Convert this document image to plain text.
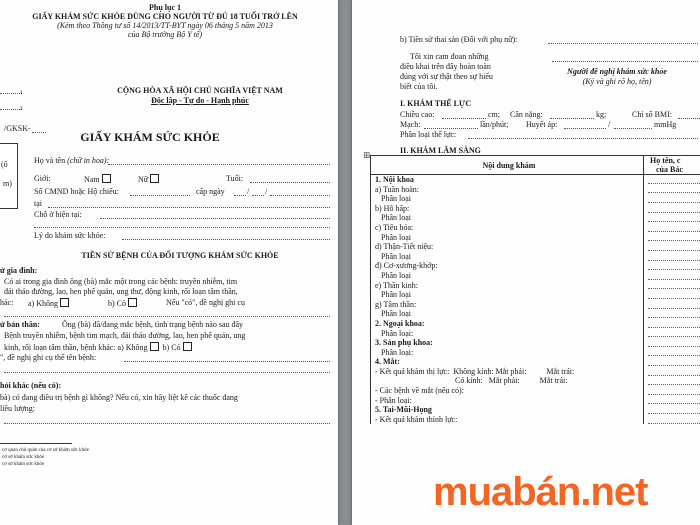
Phụ lục 1
GIẤY KHÁM SỨC KHỎE DÙNG CHO NGƯỜI TỪ ĐỦ 18 TUỔI TRỞ LÊN
(Kèm theo Thông tư số 14/2013/TT-BYT ngày 06 tháng 5 năm 2013
của Bộ trưởng Bộ Y tế)
¹
²
CỘNG HÒA XÃ HỘI CHỦ NGHĨA VIỆT NAM
Độc lập - Tự do - Hạnh phúc
/GKSK-
GIẤY KHÁM SỨC KHỎE
(ố
m)
Họ và tên (chữ in hoa):
Giới:	Nam	Nữ	Tuổi:
Số CMND hoặc Hộ chiếu:	cấp ngày	/ /
tại
Chỗ ở hiện tại:
Lý do khám sức khỏe:
TIỀN SỬ BỆNH CỦA ĐỐI TƯỢNG KHÁM SỨC KHỎE
ử gia đình:
Có ai trong gia đình ông (bà) mắc một trong các bệnh: truyền nhiễm, tim
đái tháo đường, lao, hen phế quản, ung thư, động kinh, rối loạn tâm thần,
hác: a) Không	b) Có	Nếu "có", đề nghị ghi cụ
ử bản thân:	Ông (bà) đã/đang mắc bệnh, tình trạng bệnh nào sau đây
Bệnh truyền nhiễm, bệnh tim mạch, đái tháo đường, lao, hen phế quản, ung
kinh, rối loạn tâm thần, bệnh khác: a) Không b) Có
", đề nghị ghi cụ thể tên bệnh:
hỏi khác (nếu có):
bà) có đang điều trị bệnh gì không? Nếu có, xin hãy liệt kê các thuốc đang
liều lượng:
cơ quan chủ quản của cơ sở khám sức khỏe
cơ sở khám sức khỏe
cơ sở khám sức khỏe
b) Tiền sử thai sản (Đối với phụ nữ):
Tôi xin cam đoan những
điều khai trên đây hoàn toàn
đúng với sự thật theo sự hiểu
biết của tôi.
Người đề nghị khám sức khỏe
(Ký và ghi rõ họ, tên)
I. KHÁM THỂ LỰC
Chiều cao:	cm; Cân nặng:	kg;	Chỉ số BMI:
Mạch:	lần/phút; Huyết áp:	/	mmHg
Phân loại thể lực:
II. KHÁM LÂM SÀNG
Nội dung khám	Họ tên, c
của Bác
1. Nội khoa	

a) Tuần hoàn:	

Phân loại	

b) Hô hấp:	

Phân loại	

c) Tiêu hóa:	

Phân loại	

d) Thận-Tiết niệu:	

Phân loại	

đ) Cơ-xương-khớp:	

Phân loại	

e) Thần kinh:	

Phân loại	

g) Tâm thần:	

Phân loại	

2. Ngoại khoa:	

Phân loại:	

3. Sản phụ khoa:	

Phân loại:	

4. Mắt:	

- Kết quả khám thị lực:  Không kính: Mắt phải:          Mắt trái:	

Có kính:   Mắt phải:          Mắt trái:	

- Các bệnh về mắt (nếu có):	

- Phân loại:	

5. Tai-Mũi-Họng	

- Kết quả khám thính lực:	
⊞
muabán.net
